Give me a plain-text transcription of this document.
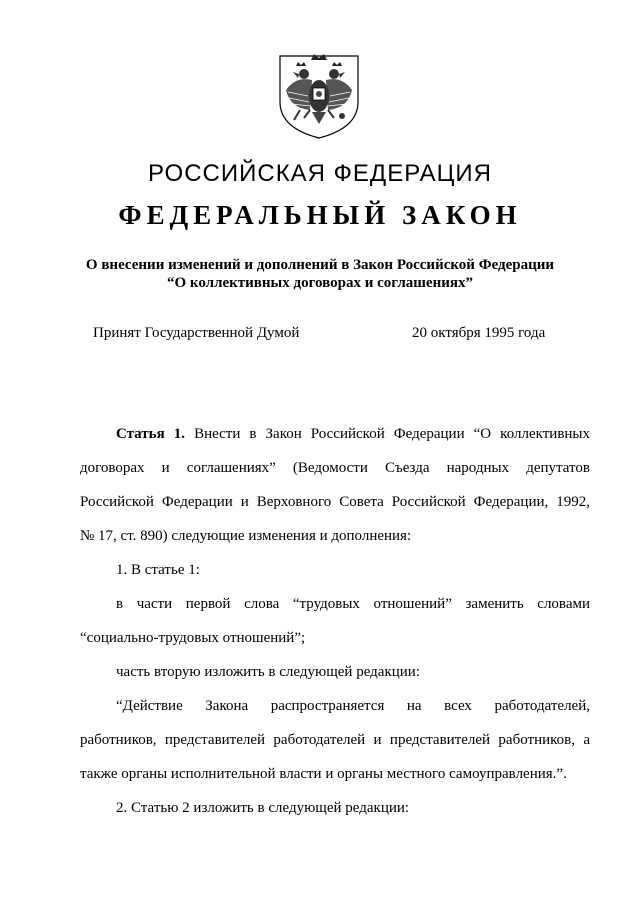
РОССИЙСКАЯ ФЕДЕРАЦИЯ
ФЕДЕРАЛЬНЫЙ ЗАКОН
О внесении изменений и дополнений в Закон Российской Федерации
“О коллективных договорах и соглашениях”
Принят Государственной Думой	20 октября 1995 года
Статья 1. Внести в Закон Российской Федерации “О коллективных
договорах и соглашениях” (Ведомости Съезда народных депутатов
Российской Федерации и Верховного Совета Российской Федерации, 1992,
№ 17, ст. 890) следующие изменения и дополнения:
1. В статье 1:
в части первой слова “трудовых отношений” заменить словами
“социально-трудовых отношений”;
часть вторую изложить в следующей редакции:
“Действие Закона распространяется на всех работодателей,
работников, представителей работодателей и представителей работников, а
также органы исполнительной власти и органы местного самоуправления.”.
2. Статью 2 изложить в следующей редакции:
